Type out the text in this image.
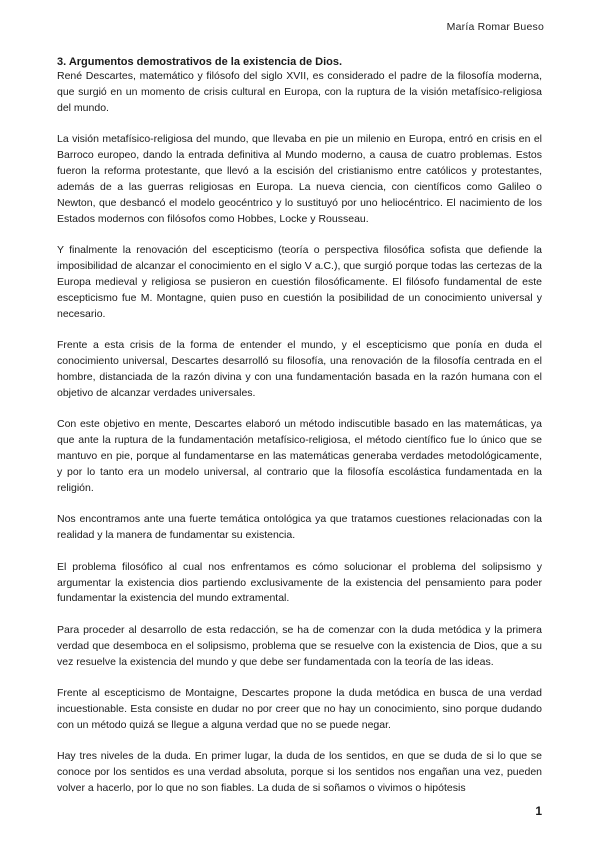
María Romar Bueso

3. Argumentos demostrativos de la existencia de Dios.

René Descartes, matemático y filósofo del siglo XVII, es considerado el padre de la filosofía moderna, que surgió en un momento de crisis cultural en Europa, con la ruptura de la visión metafísico-religiosa del mundo.

La visión metafísico-religiosa del mundo, que llevaba en pie un milenio en Europa, entró en crisis en el Barroco europeo, dando la entrada definitiva al Mundo moderno, a causa de cuatro problemas. Estos fueron la reforma protestante, que llevó a la escisión del cristianismo entre católicos y protestantes, además de a las guerras religiosas en Europa. La nueva ciencia, con científicos como Galileo o Newton, que desbancó el modelo geocéntrico y lo sustituyó por uno heliocéntrico. El nacimiento de los Estados modernos con filósofos como Hobbes, Locke y Rousseau.

Y finalmente la renovación del escepticismo (teoría o perspectiva filosófica sofista que defiende la imposibilidad de alcanzar el conocimiento en el siglo V a.C.), que surgió porque todas las certezas de la Europa medieval y religiosa se pusieron en cuestión filosóficamente. El filósofo fundamental de este escepticismo fue M. Montagne, quien puso en cuestión la posibilidad de un conocimiento universal y necesario.

Frente a esta crisis de la forma de entender el mundo, y el escepticismo que ponía en duda el conocimiento universal, Descartes desarrolló su filosofía, una renovación de la filosofía centrada en el hombre, distanciada de la razón divina y con una fundamentación basada en la razón humana con el objetivo de alcanzar verdades universales.

Con este objetivo en mente, Descartes elaboró un método indiscutible basado en las matemáticas, ya que ante la ruptura de la fundamentación metafísico-religiosa, el método científico fue lo único que se mantuvo en pie, porque al fundamentarse en las matemáticas generaba verdades metodológicamente, y por lo tanto era un modelo universal, al contrario que la filosofía escolástica fundamentada en la religión.

Nos encontramos ante una fuerte temática ontológica ya que tratamos cuestiones relacionadas con la realidad y la manera de fundamentar su existencia.

El problema filosófico al cual nos enfrentamos es cómo solucionar el problema del solipsismo y argumentar la existencia dios partiendo exclusivamente de la existencia del pensamiento para poder fundamentar la existencia del mundo extramental.

Para proceder al desarrollo de esta redacción, se ha de comenzar con la duda metódica y la primera verdad que desemboca en el solipsismo, problema que se resuelve con la existencia de Dios, que a su vez resuelve la existencia del mundo y que debe ser fundamentada con la teoría de las ideas.

Frente al escepticismo de Montaigne, Descartes propone la duda metódica en busca de una verdad incuestionable. Esta consiste en dudar no por creer que no hay un conocimiento, sino porque dudando con un método quizá se llegue a alguna verdad que no se puede negar.

Hay tres niveles de la duda. En primer lugar, la duda de los sentidos, en que se duda de si lo que se conoce por los sentidos es una verdad absoluta, porque si los sentidos nos engañan una vez, pueden volver a hacerlo, por lo que no son fiables. La duda de si soñamos o vivimos o hipótesis

1
